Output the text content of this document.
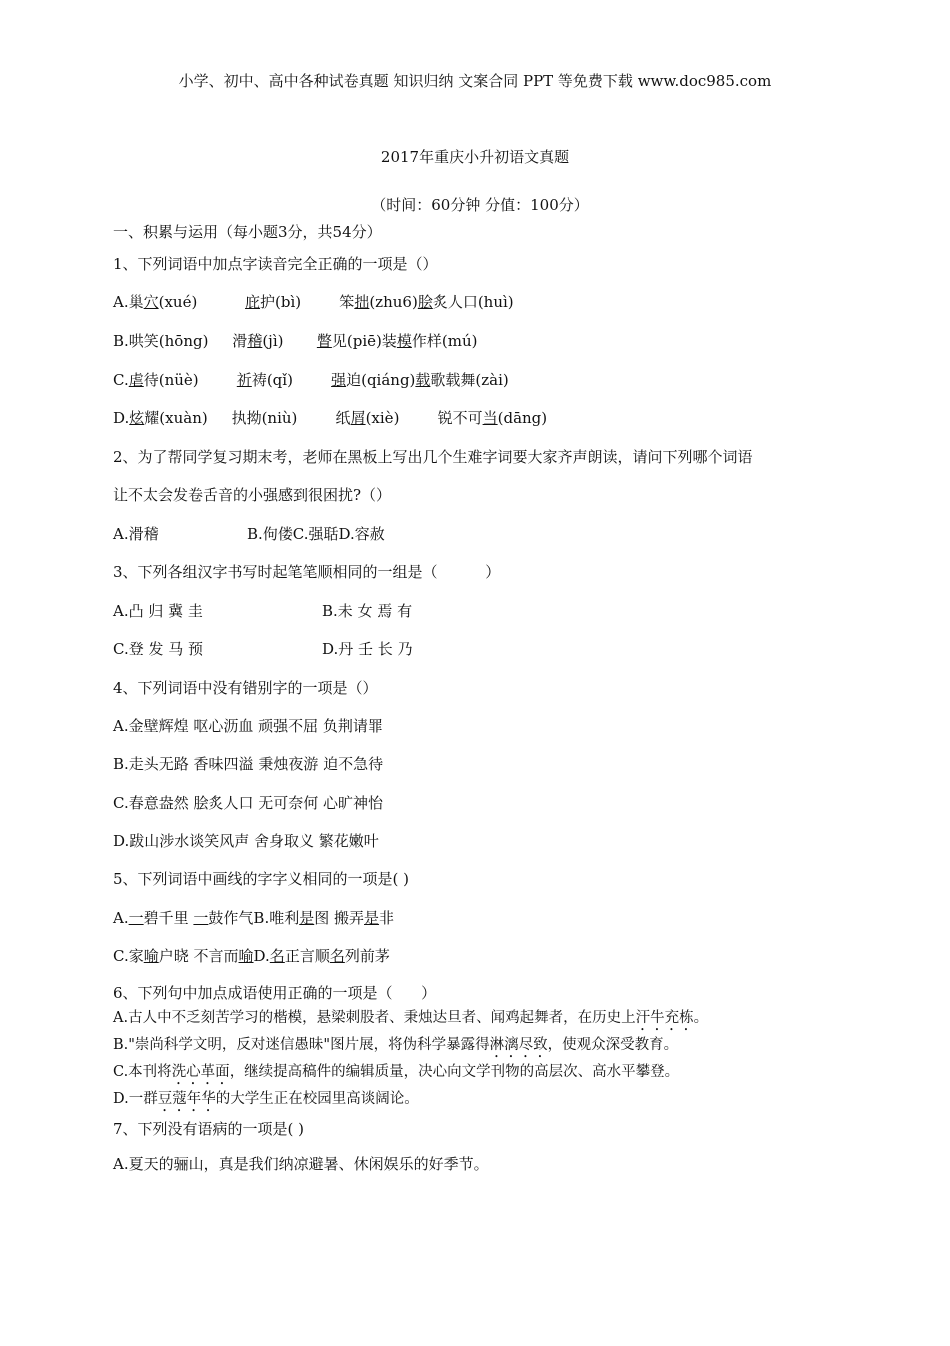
小学、初中、高中各种试卷真题 知识归纳 文案合同 PPT 等免费下载 www.doc985.com
2017年重庆小升初语文真题
（时间：60分钟 分值：100分）
一、积累与运用（每小题3分，共54分）
1、下列词语中加点字读音完全正确的一项是（）
A.巢穴(xué)	庇护(bì)	笨拙(zhu6)脍炙人口(huì)
B.哄笑(hōng) 滑稽(jì) 瞥见(piē)装模作样(mú)
C.虐待(nüè)	祈祷(qǐ)	强迫(qiáng)载歌载舞(zài)
D.炫耀(xuàn) 执拗(niù)	纸屑(xiè)	锐不可当(dāng)
2、为了帮同学复习期末考，老师在黑板上写出几个生难字词要大家齐声朗读，请问下列哪个词语
让不太会发卷舌音的小强感到很困扰?（）
A.滑稽	B.佝偻C.强聒D.容赦
3、下列各组汉字书写时起笔笔顺相同的一组是（          ）
A.凸 归 冀 圭	B.未 女 焉 有
C.登 发 马 预	D.丹 壬 长 乃
4、下列词语中没有错别字的一项是（）
A.金壁辉煌 呕心沥血 顽强不屈 负荆请罪
B.走头无路 香味四溢 秉烛夜游 迫不急待
C.春意盎然 脍炙人口 无可奈何 心旷神怡
D.跋山涉水谈笑风声 舍身取义 繁花嫩叶
5、下列词语中画线的字字义相同的一项是( )
A.一碧千里 一鼓作气B.唯利是图 搬弄是非
C.家喻户晓 不言而喻D.名正言顺名列前茅
6、下列句中加点成语使用正确的一项是（      ）
A.古人中不乏刻苦学习的楷模，悬梁刺股者、秉烛达旦者、闻鸡起舞者，在历史上汗牛充栋。
B."崇尚科学文明，反对迷信愚昧"图片展，将伪科学暴露得淋漓尽致，使观众深受教育。
C.本刊将洗心革面，继续提高稿件的编辑质量，决心向文学刊物的高层次、高水平攀登。
D.一群豆蔻年华的大学生正在校园里高谈阔论。
7、下列没有语病的一项是( )
A.夏天的骊山，真是我们纳凉避暑、休闲娱乐的好季节。
